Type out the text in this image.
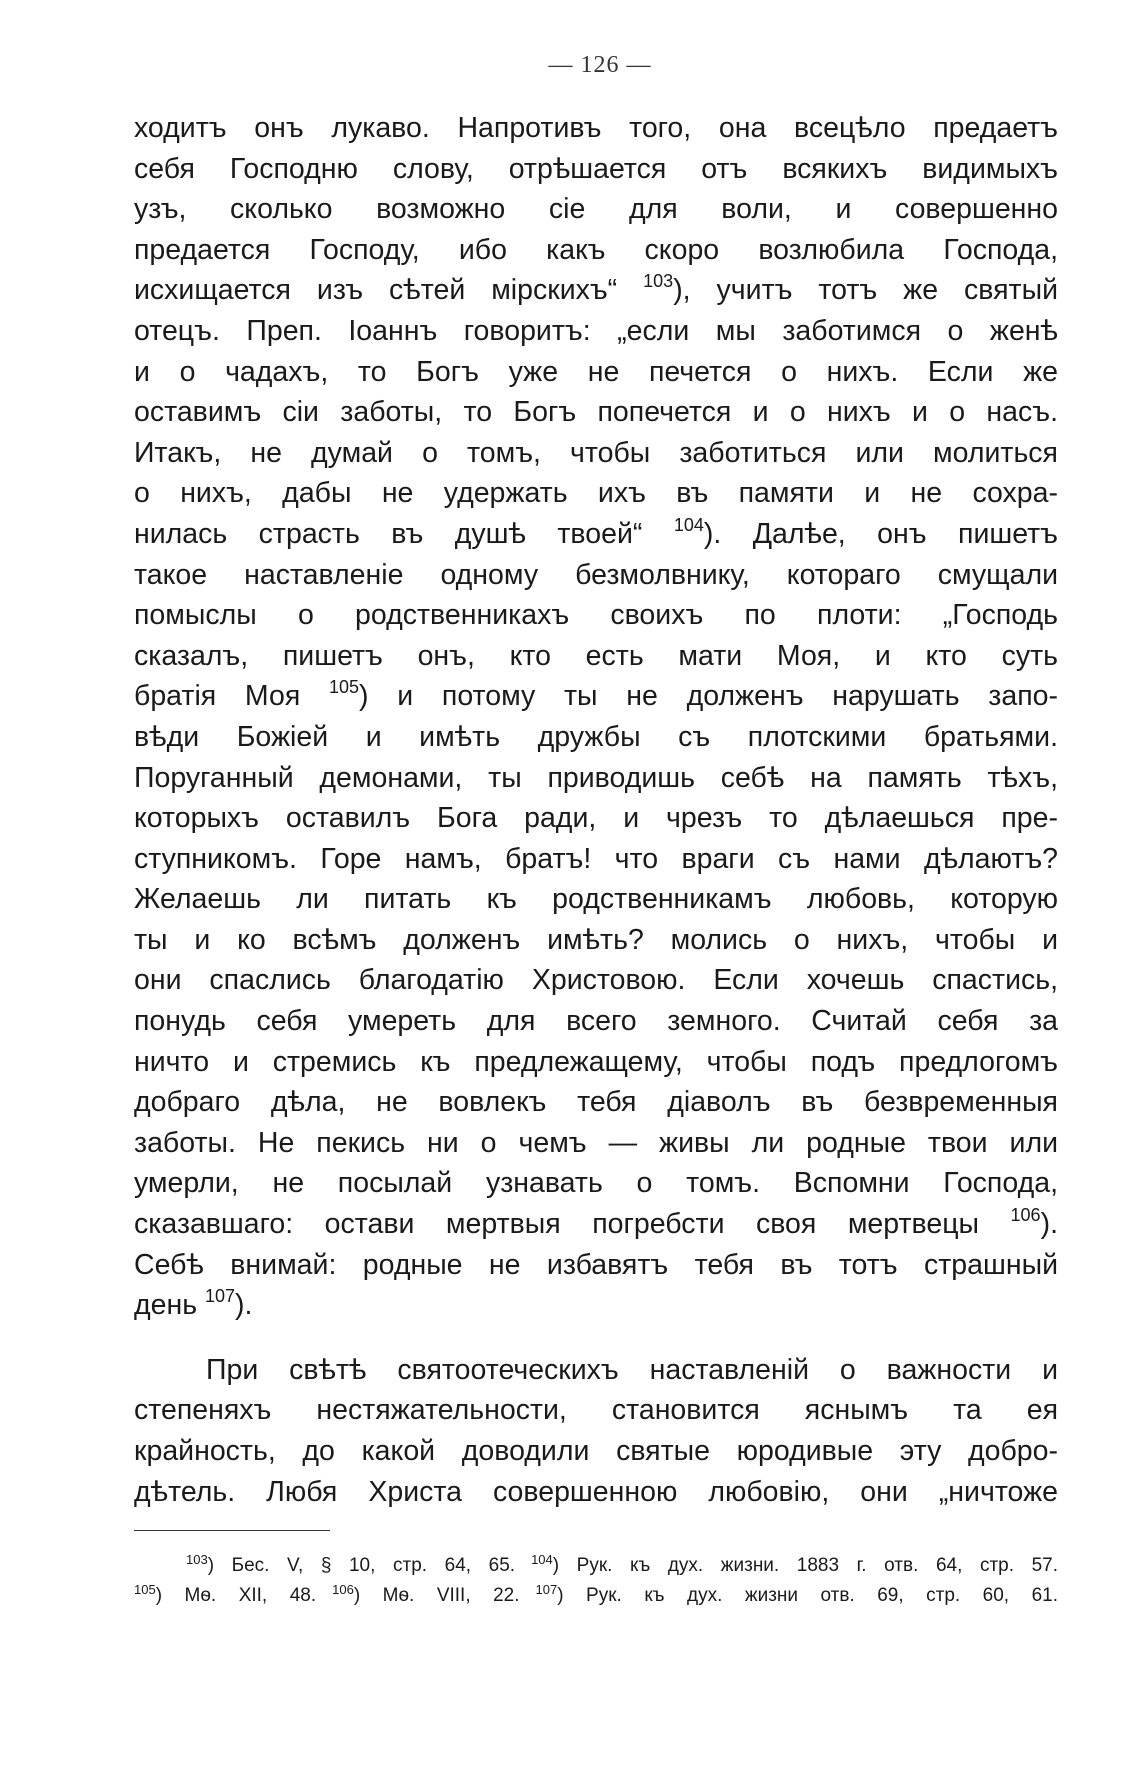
— 126 —
ходитъ онъ лукаво. Напротивъ того, она всецѣло предаетъ
себя Господню слову, отрѣшается отъ всякихъ видимыхъ
узъ, сколько возможно сіе для воли, и совершенно
предается Господу, ибо какъ скоро возлюбила Господа,
исхищается изъ сѣтей мірскихъ“ $^{103}$), учитъ тотъ же святый
отецъ. Преп. Іоаннъ говоритъ: „если мы заботимся о женѣ
и о чадахъ, то Богъ уже не печется о нихъ. Если же
оставимъ сіи заботы, то Богъ попечется и о нихъ и о насъ.
Итакъ, не думай о томъ, чтобы заботиться или молиться
о нихъ, дабы не удержать ихъ въ памяти и не сохра-
нилась страсть въ душѣ твоей“ $^{104}$). Далѣе, онъ пишетъ
такое наставленіе одному безмолвнику, котораго смущали
помыслы о родственникахъ своихъ по плоти: „Господь
сказалъ, пишетъ онъ, кто есть мати Моя, и кто суть
братія Моя $^{105}$) и потому ты не долженъ нарушать запо-
вѣди Божіей и имѣть дружбы съ плотскими братьями.
Поруганный демонами, ты приводишь себѣ на память тѣхъ,
которыхъ оставилъ Бога ради, и чрезъ то дѣлаешься пре-
ступникомъ. Горе намъ, братъ! что враги съ нами дѣлаютъ?
Желаешь ли питать къ родственникамъ любовь, которую
ты и ко всѣмъ долженъ имѣть? молись о нихъ, чтобы и
они спаслись благодатію Христовою. Если хочешь спастись,
понудь себя умереть для всего земного. Считай себя за
ничто и стремись къ предлежащему, чтобы подъ предлогомъ
добраго дѣла, не вовлекъ тебя діаволъ въ безвременныя
заботы. Не пекись ни о чемъ — живы ли родные твои или
умерли, не посылай узнавать о томъ. Вспомни Господа,
сказавшаго: остави мертвыя погребсти своя мертвецы $^{106}$).
Себѣ внимай: родные не избавятъ тебя въ тотъ страшный
день $^{107}$).
При свѣтѣ святоотеческихъ наставленій о важности и
степеняхъ нестяжательности, становится яснымъ та ея
крайность, до какой доводили святые юродивые эту добро-
дѣтель. Любя Христа совершенною любовію, они „ничтоже
$^{103}$) Бес. V, § 10, стр. 64, 65. $^{104}$) Рук. къ дух. жизни. 1883 г. отв. 64, стр. 57.
$^{105}$) Мѳ. XII, 48. $^{106}$) Мѳ. VIII, 22. $^{107}$) Рук. къ дух. жизни отв. 69, стр. 60, 61.
